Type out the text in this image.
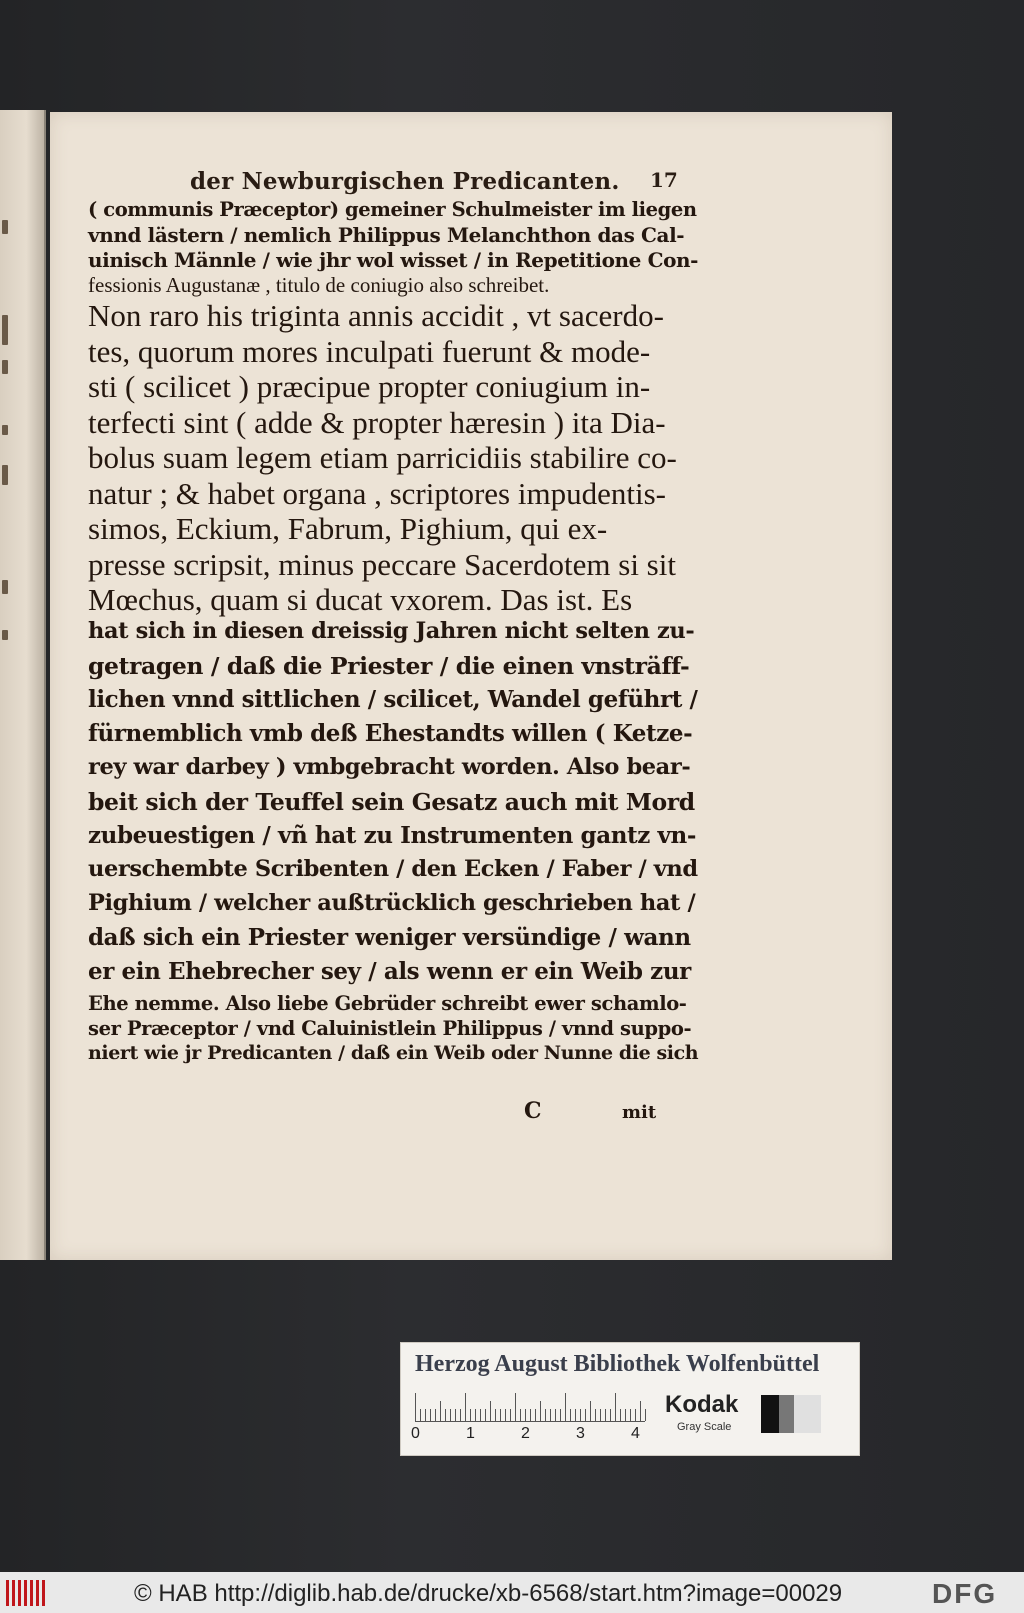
der Newburgischen Predicanten.	17
( communis Præceptor) gemeiner Schulmeister im liegen
vnnd lästern / nemlich Philippus Melanchthon das Cal-
uinisch Männle / wie jhr wol wisset / in Repetitione Con-
fessionis Augustanæ , titulo de coniugio also schreibet.
Non raro his triginta annis accidit , vt sacerdo-
tes, quorum mores inculpati fuerunt & mode-
sti ( scilicet ) præcipue propter coniugium in-
terfecti sint ( adde & propter hæresin ) ita Dia-
bolus suam legem etiam parricidiis stabilire co-
natur ; & habet organa , scriptores impudentis-
simos, Eckium, Fabrum, Pighium, qui ex-
presse scripsit, minus peccare Sacerdotem si sit
Mœchus, quam si ducat vxorem. Das ist. Es
hat sich in diesen dreissig Jahren nicht selten zu-
getragen / daß die Priester / die einen vnsträff-
lichen vnnd sittlichen / scilicet, Wandel geführt /
fürnemblich vmb deß Ehestandts willen ( Ketze-
rey war darbey ) vmbgebracht worden. Also bear-
beit sich der Teuffel sein Gesatz auch mit Mord
zubeuestigen / vñ hat zu Instrumenten gantz vn-
uerschembte Scribenten / den Ecken / Faber / vnd
Pighium / welcher außtrücklich geschrieben hat /
daß sich ein Priester weniger versündige / wann
er ein Ehebrecher sey / als wenn er ein Weib zur
Ehe nemme. Also liebe Gebrüder schreibt ewer schamlo-
ser Præceptor / vnd Caluinistlein Philippus / vnnd suppo-
niert wie jr Predicanten / daß ein Weib oder Nunne die sich
C	mit
Herzog August Bibliothek Wolfenbüttel
0	1	2	3	4
Kodak
Gray Scale
© HAB http://diglib.hab.de/drucke/xb-6568/start.htm?image=00029	DFG
